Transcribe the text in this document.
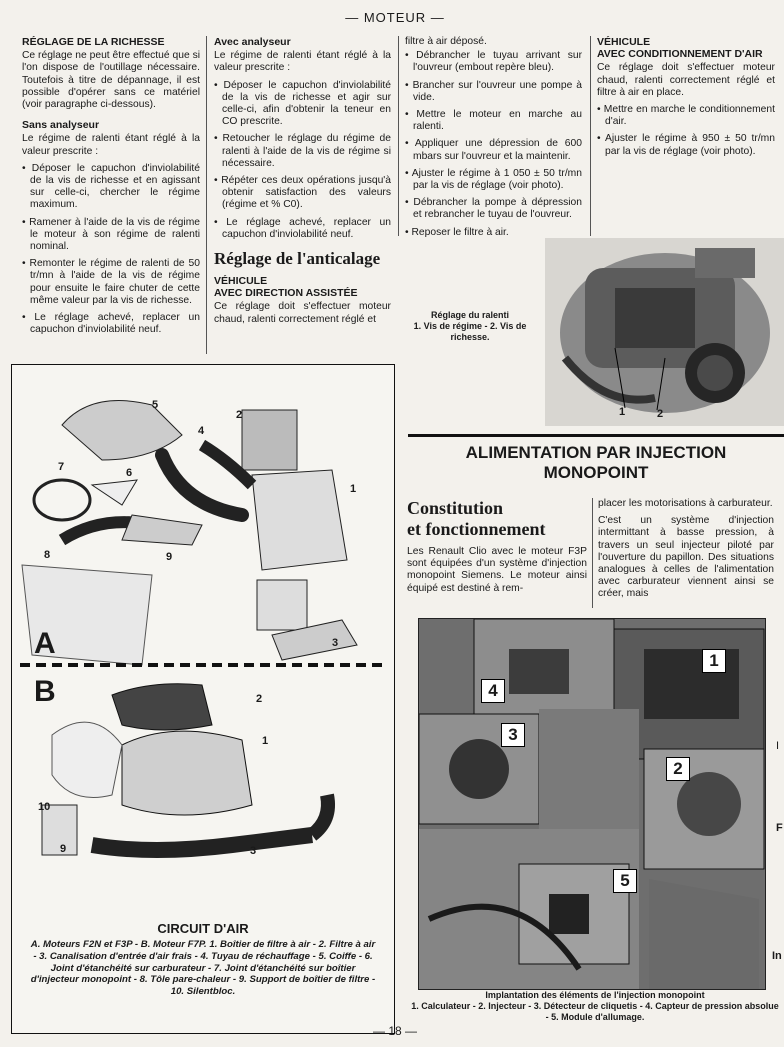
— MOTEUR —
RÉGLAGE DE LA RICHESSE

Ce réglage ne peut être effectué que si l'on dispose de l'outillage nécessaire. Toutefois à titre de dépannage, il est possible d'opérer sans ce matériel (voir paragraphe ci-dessous).

Sans analyseur

Le régime de ralenti étant réglé à la valeur prescrite :

• Déposer le capuchon d'inviolabilité de la vis de richesse et en agissant sur celle-ci, chercher le régime maximum.

• Ramener à l'aide de la vis de régime le moteur à son régime de ralenti nominal.

• Remonter le régime de ralenti de 50 tr/mn à l'aide de la vis de régime pour ensuite le faire chuter de cette même valeur par la vis de richesse.

• Le réglage achevé, replacer un capuchon d'inviolabilité neuf.

Avec analyseur

Le régime de ralenti étant réglé à la valeur prescrite :

• Déposer le capuchon d'inviolabilité de la vis de richesse et agir sur celle-ci, afin d'obtenir la teneur en CO prescrite.

• Retoucher le réglage du régime de ralenti à l'aide de la vis de régime si nécessaire.

• Répéter ces deux opérations jusqu'à obtenir satisfaction des valeurs (régime et % C0).

• Le réglage achevé, replacer un capuchon d'inviolabilité neuf.

Réglage de l'anticalage
VÉHICULE
AVEC DIRECTION ASSISTÉE

Ce réglage doit s'effectuer moteur chaud, ralenti correctement réglé et

filtre à air déposé.

• Débrancher le tuyau arrivant sur l'ouvreur (embout repère bleu).

• Brancher sur l'ouvreur une pompe à vide.

• Mettre le moteur en marche au ralenti.

• Appliquer une dépression de 600 mbars sur l'ouvreur et la maintenir.

• Ajuster le régime à 1 050 ± 50 tr/mn par la vis de réglage (voir photo).

• Débrancher la pompe à dépression et rebrancher le tuyau de l'ouvreur.

• Reposer le filtre à air.

VÉHICULE
AVEC CONDITIONNEMENT D'AIR

Ce réglage doit s'effectuer moteur chaud, ralenti correctement réglé et filtre à air en place.

• Mettre en marche le conditionnement d'air.

• Ajuster le régime à 950 ± 50 tr/mn par la vis de réglage (voir photo).

1	2
Réglage du ralenti
1. Vis de régime - 2. Vis de richesse.
A
B
1
2
3
4
5
6
7
8	9
2
1
3
9
10
CIRCUIT D'AIR
A. Moteurs F2N et F3P - B. Moteur F7P. 1. Boîtier de filtre à air - 2. Filtre à air - 3. Canalisation d'entrée d'air frais - 4. Tuyau de réchauffage - 5. Coiffe - 6. Joint d'étanchéité sur carburateur - 7. Joint d'étanchéité sur boîtier d'injecteur monopoint - 8. Tôle pare-chaleur - 9. Support de boîtier de filtre - 10. Silentbloc.
ALIMENTATION PAR INJECTION
MONOPOINT
Constitution
et fonctionnement

Les Renault Clio avec le moteur F3P sont équipées d'un système d'injection monopoint Siemens. Le moteur ainsi équipé est destiné à rem-

placer les motorisations à carburateur.

C'est un système d'injection intermittant à basse pression, à travers un seul injecteur piloté par l'ouverture du papillon. Des situations analogues à celles de l'alimentation avec carburateur viennent ainsi se créer, mais

1
2
3
4
5
Implantation des éléments de l'injection monopoint
1. Calculateur - 2. Injecteur - 3. Détecteur de cliquetis - 4. Capteur de pression absolue - 5. Module d'allumage.
I
F
In
— 18 —
